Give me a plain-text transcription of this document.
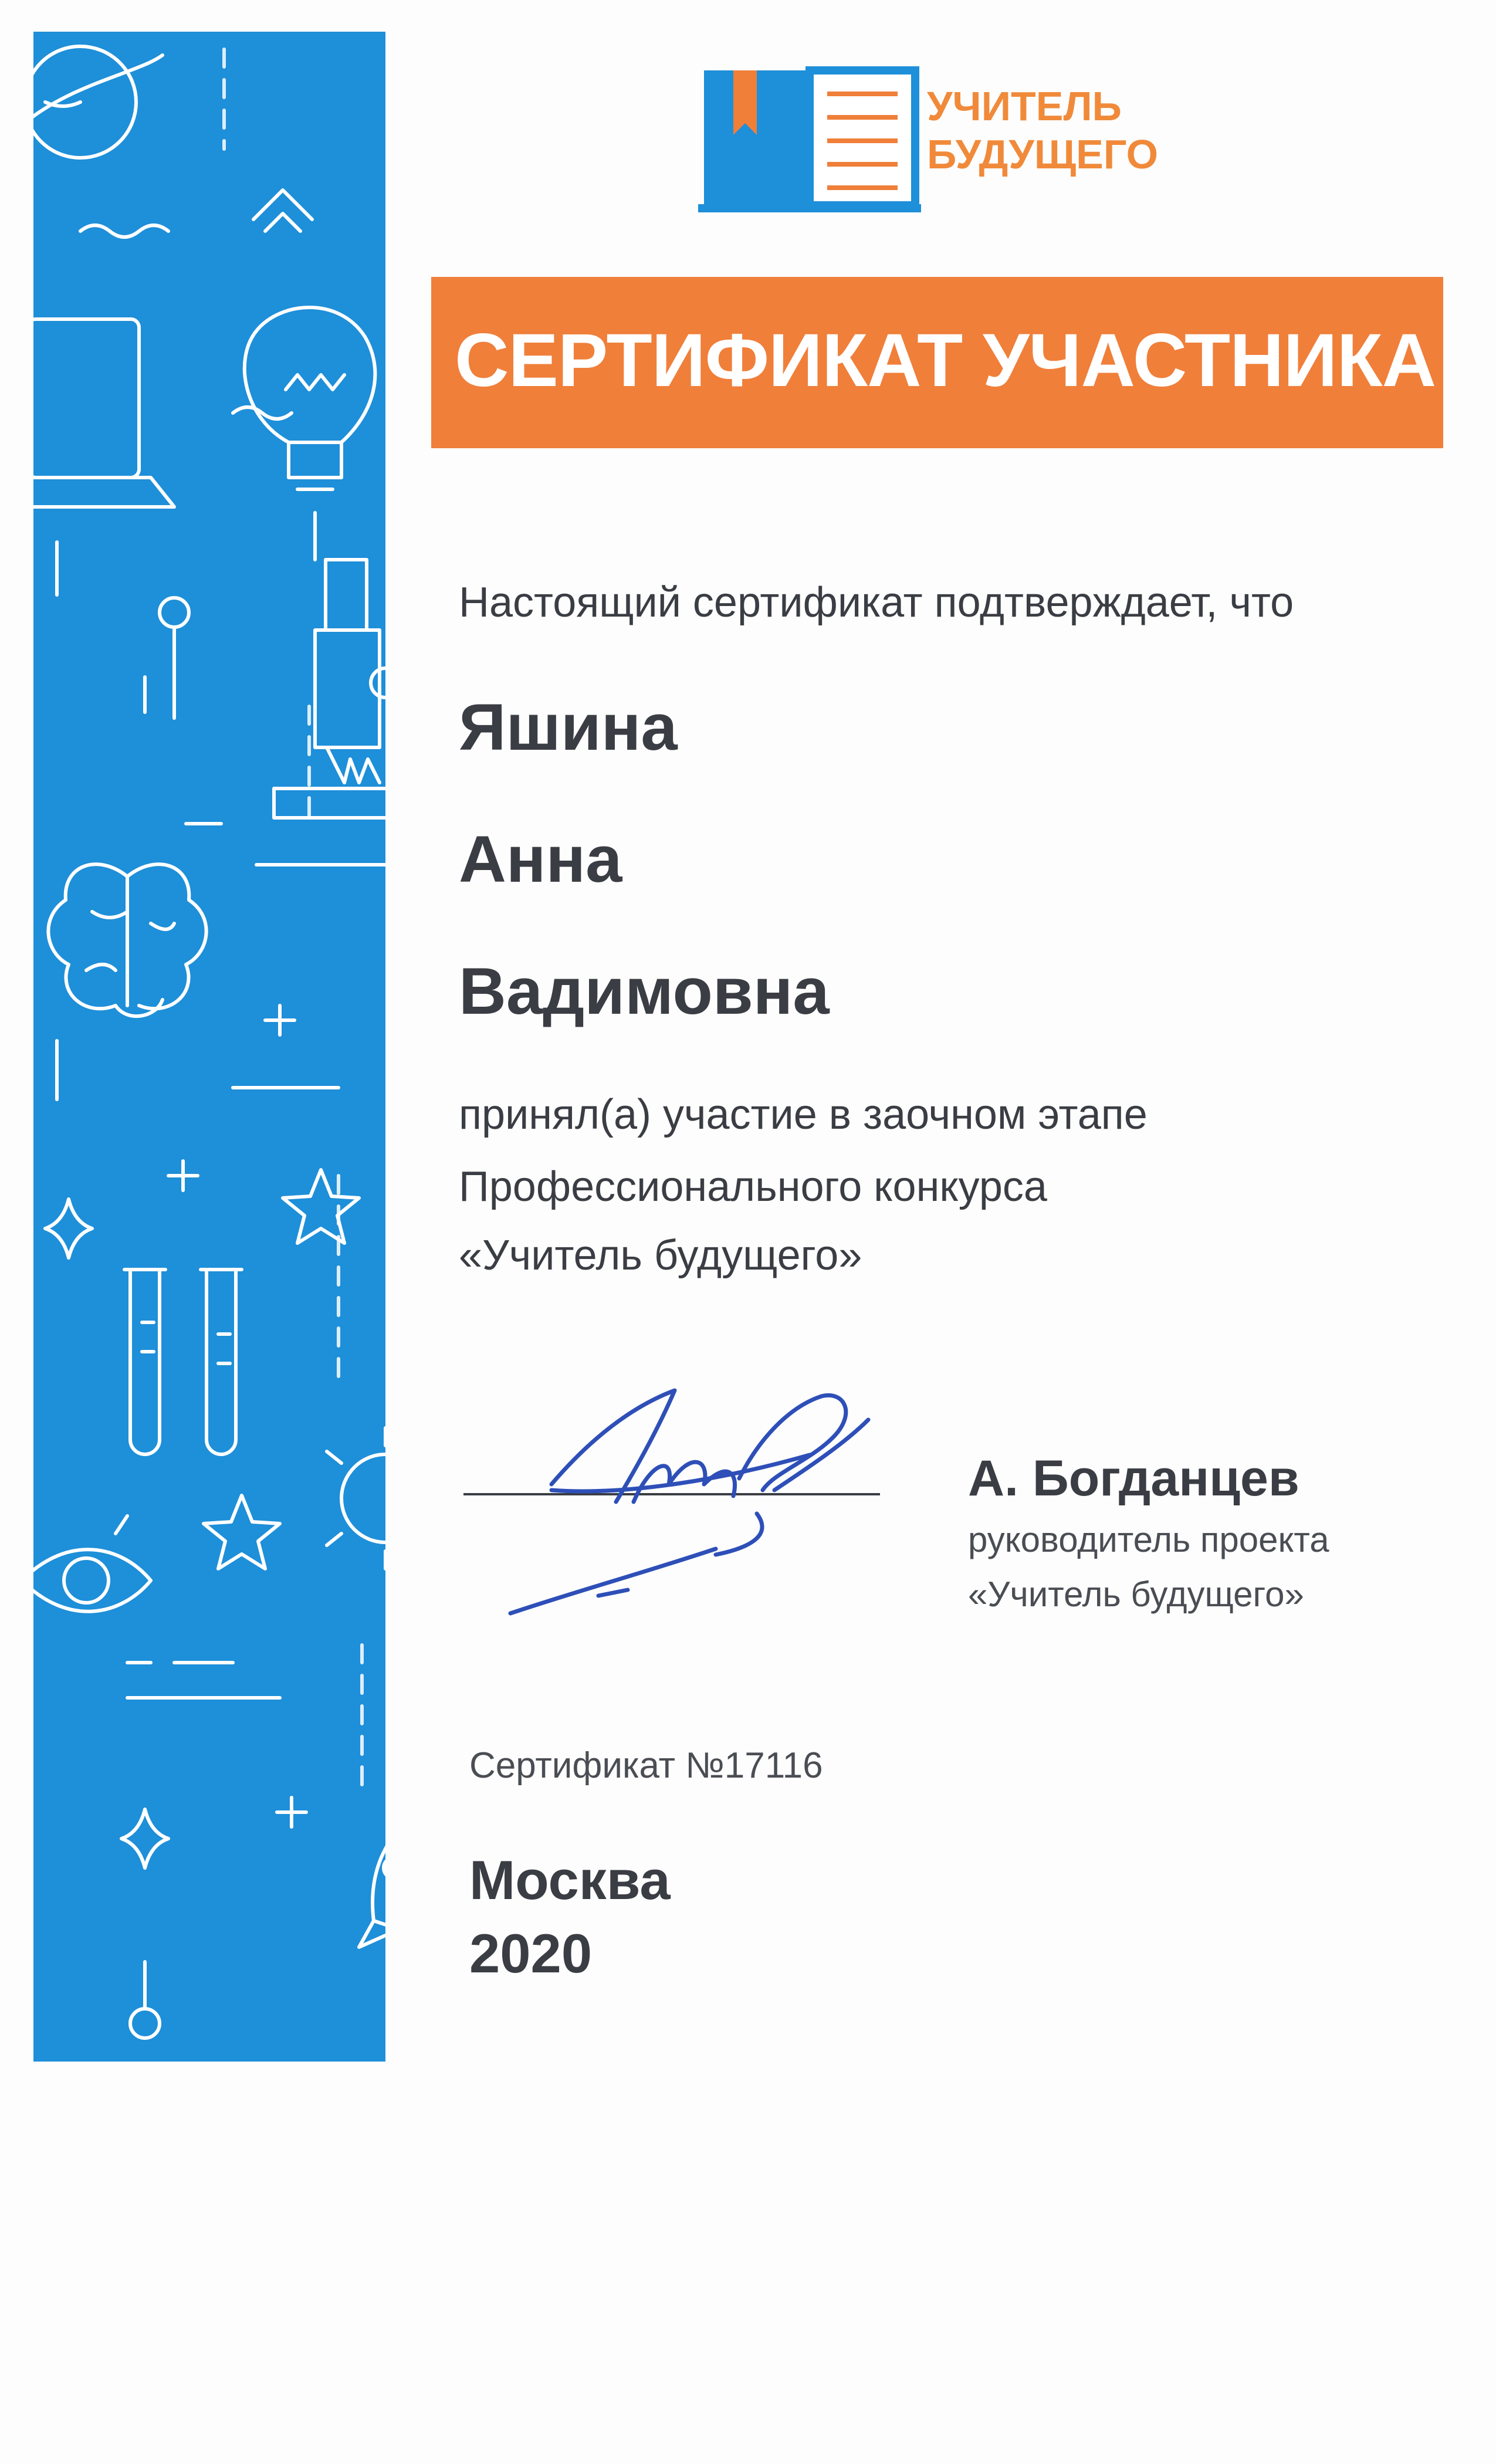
УЧИТЕЛЬ
БУДУЩЕГО
СЕРТИФИКАТ УЧАСТНИКА
Настоящий сертификат подтверждает, что
Яшина
Анна
Вадимовна
принял(а) участие в заочном этапе
Профессионального конкурса
«Учитель будущего»
А. Богданцев
руководитель проекта
«Учитель будущего»
Сертификат №17116
Москва
2020
